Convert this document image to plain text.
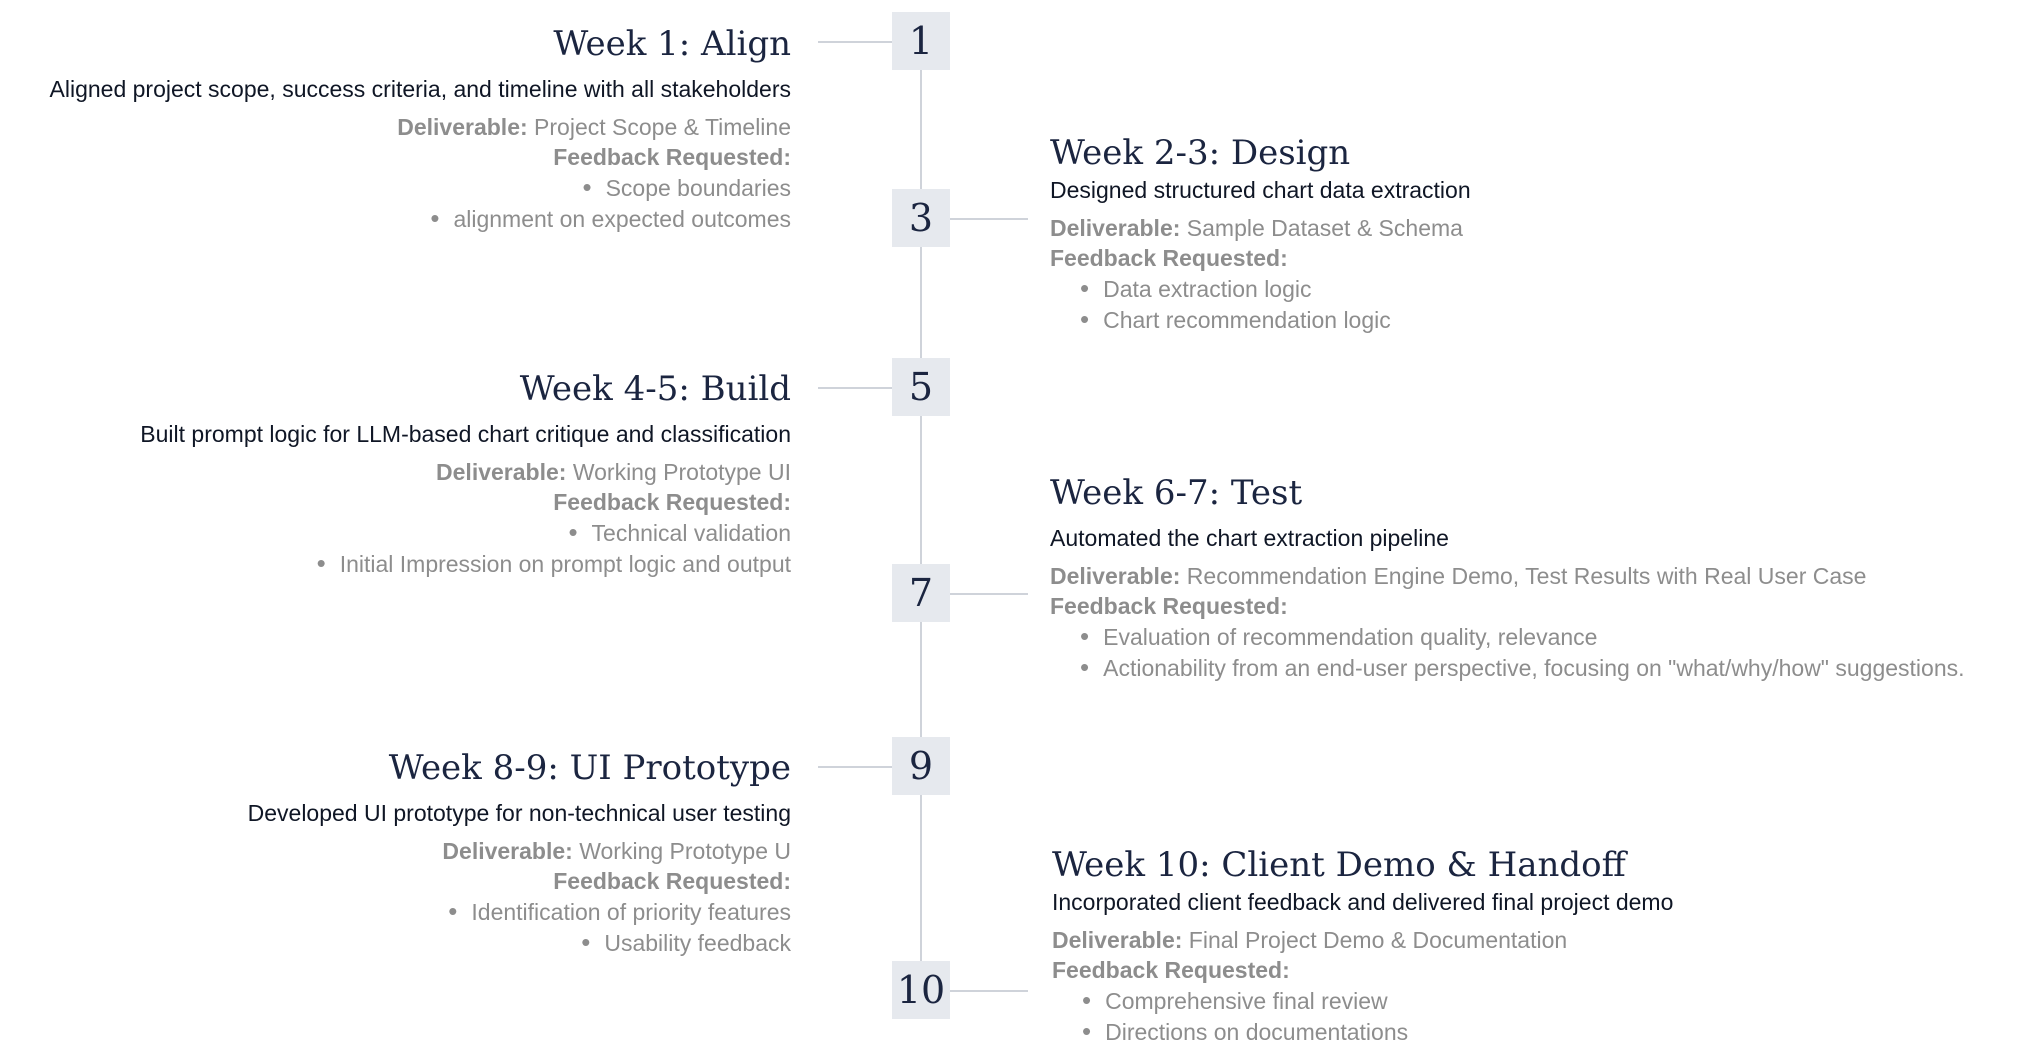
1
Week 1: Align
Aligned project scope, success criteria, and timeline with all stakeholders
Deliverable: Project Scope & Timeline
Feedback Requested:
• Scope boundaries
• alignment on expected outcomes	3
Week 2-3: Design
Designed structured chart data extraction
Deliverable: Sample Dataset & Schema
Feedback Requested:
• Data extraction logic
• Chart recommendation logic
5
Week 4-5: Build
Built prompt logic for LLM-based chart critique and classification
Deliverable: Working Prototype UI
Feedback Requested:
• Technical validation
• Initial Impression on prompt logic and output
7
Week 6-7: Test
Automated the chart extraction pipeline
Deliverable: Recommendation Engine Demo, Test Results with Real User Case
Feedback Requested:
• Evaluation of recommendation quality, relevance
• Actionability from an end-user perspective, focusing on "what/why/how" suggestions.
9
Week 8-9: UI Prototype
Developed UI prototype for non-technical user testing
Deliverable: Working Prototype U
Feedback Requested:
• Identification of priority features
• Usability feedback
10
Week 10: Client Demo & Handoff
Incorporated client feedback and delivered final project demo
Deliverable: Final Project Demo & Documentation
Feedback Requested:
• Comprehensive final review
• Directions on documentations
